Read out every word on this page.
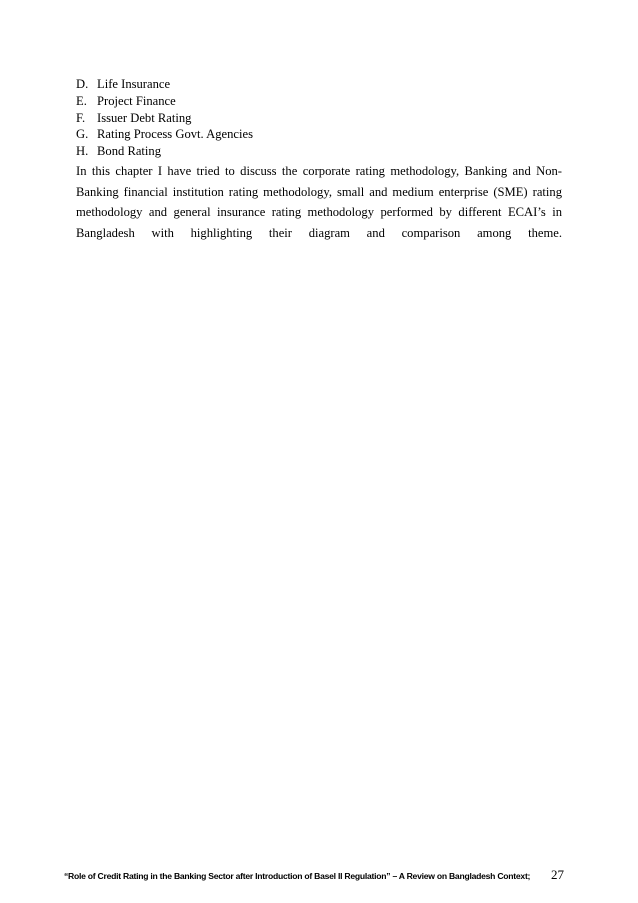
D. Life Insurance
E. Project Finance
F. Issuer Debt Rating
G. Rating Process Govt. Agencies
H. Bond Rating

In this chapter I have tried to discuss the corporate rating methodology, Banking and Non-Banking financial institution rating methodology, small and medium enterprise (SME) rating methodology and general insurance rating methodology performed by different ECAI’s in Bangladesh with highlighting their diagram and comparison among theme.

“Role of Credit Rating in the Banking Sector after Introduction of Basel II Regulation” – A Review on Bangladesh Context; 27
